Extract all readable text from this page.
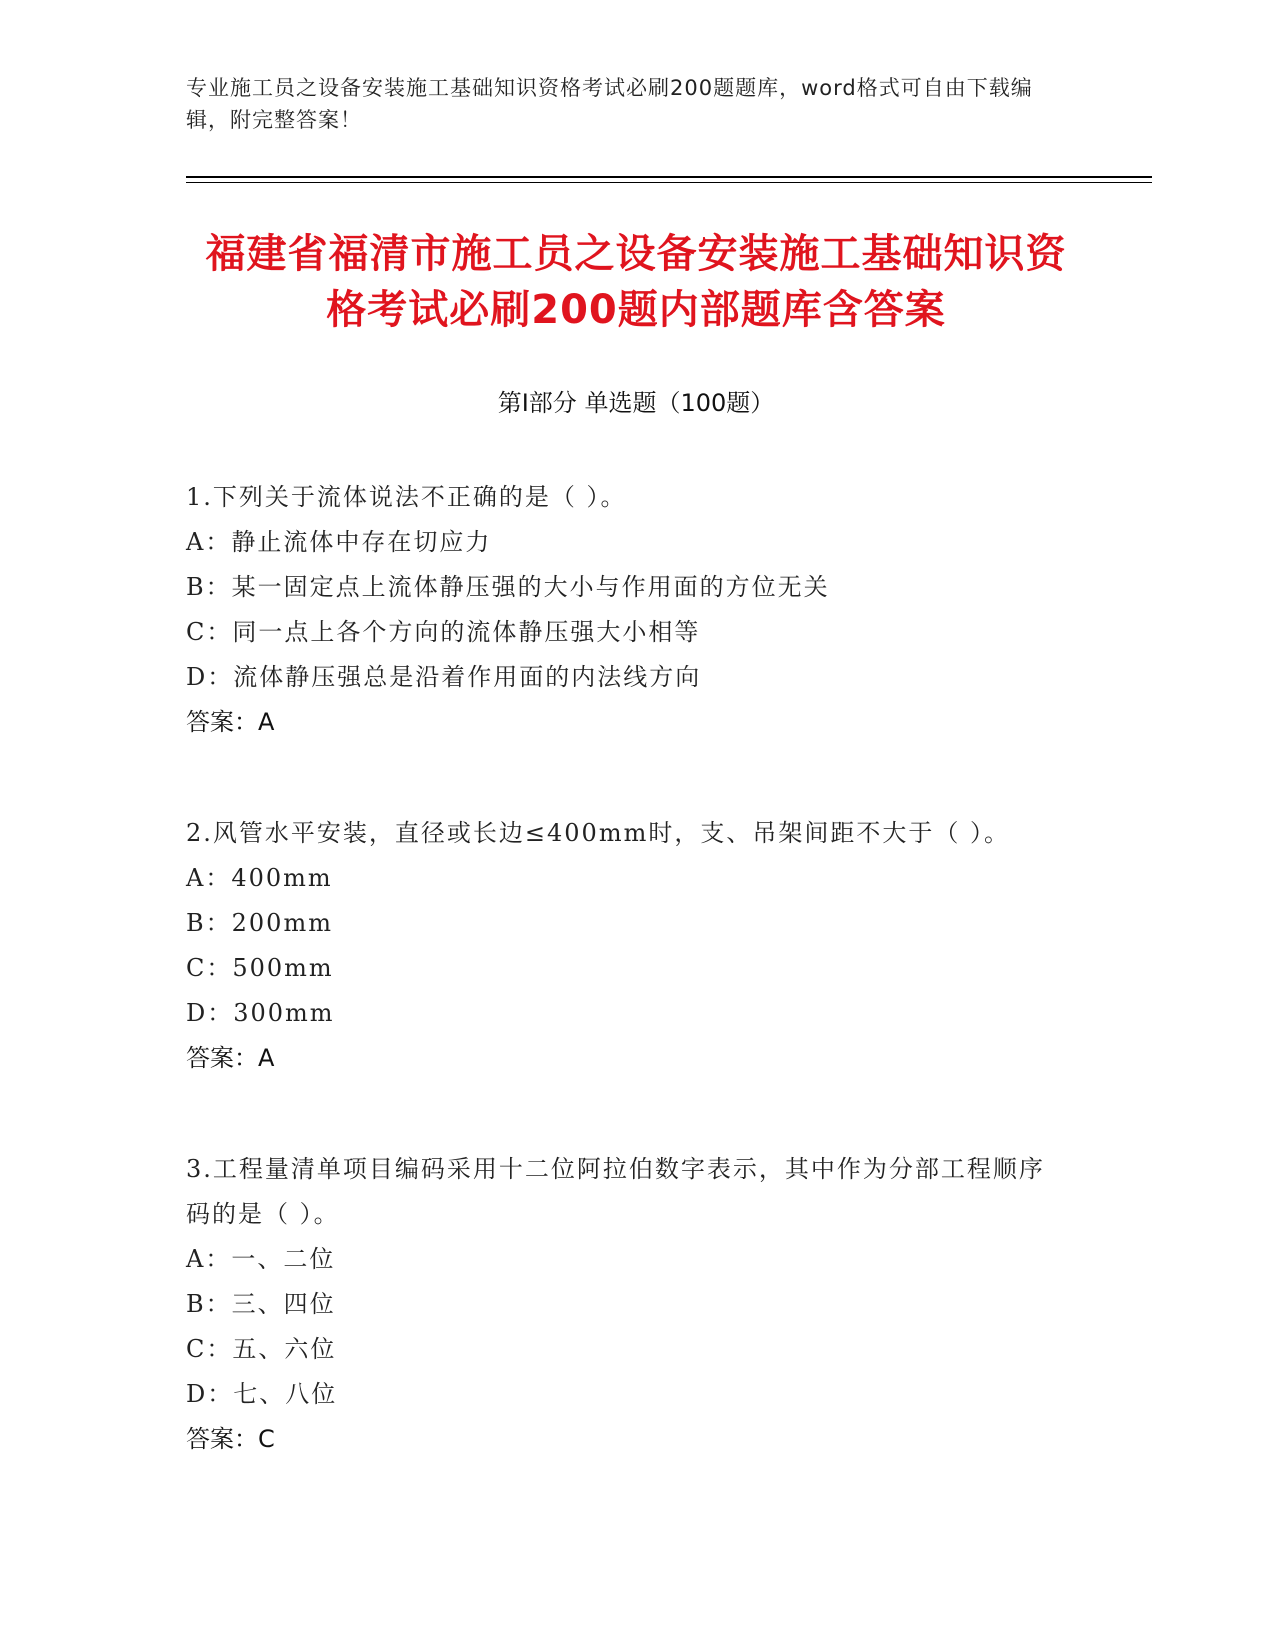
专业施工员之设备安装施工基础知识资格考试必刷200题题库，word格式可自由下载编辑，附完整答案！
福建省福清市施工员之设备安装施工基础知识资格考试必刷200题内部题库含答案
第Ⅰ部分 单选题（100题）
1.下列关于流体说法不正确的是（ ）。
A：静止流体中存在切应力
B：某一固定点上流体静压强的大小与作用面的方位无关
C：同一点上各个方向的流体静压强大小相等
D：流体静压强总是沿着作用面的内法线方向
答案：A
2.风管水平安装，直径或长边≤400mm时，支、吊架间距不大于（ ）。
A：400mm
B：200mm
C：500mm
D：300mm
答案：A
3.工程量清单项目编码采用十二位阿拉伯数字表示，其中作为分部工程顺序码的是（ ）。
A：一、二位
B：三、四位
C：五、六位
D：七、八位
答案：C
